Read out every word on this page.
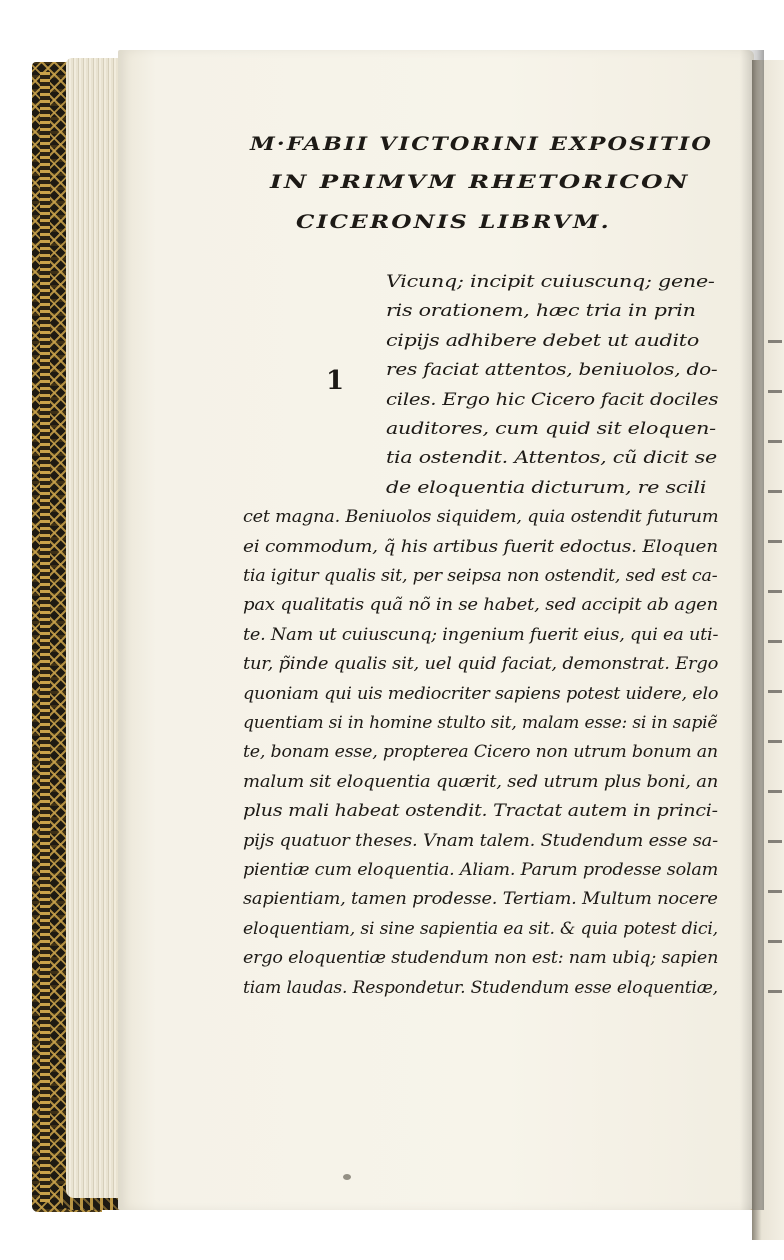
M·FABII VICTORINI EXPOSITIO
IN PRIMVM RHETORICON
CICERONIS LIBRVM.
1
Vicunq; incipit cuiuscunq; gene-
ris orationem, hæc tria in prin
cipijs adhibere debet ut audito
res faciat attentos, beniuolos, do-
ciles. Ergo hic Cicero facit dociles
auditores, cum quid sit eloquen-
tia ostendit. Attentos, cũ dicit se
de eloquentia dicturum, re scili
cet magna. Beniuolos siquidem, quia ostendit futurum
ei commodum, q̃ his artibus fuerit edoctus. Eloquen
tia igitur qualis sit, per seipsa non ostendit, sed est ca-
pax qualitatis quã nõ in se habet, sed accipit ab agen
te. Nam ut cuiuscunq; ingenium fuerit eius, qui ea uti-
tur, p̃inde qualis sit, uel quid faciat, demonstrat. Ergo
quoniam qui uis mediocriter sapiens potest uidere, elo
quentiam si in homine stulto sit, malam esse: si in sapiẽ
te, bonam esse, propterea Cicero non utrum bonum an
malum sit eloquentia quærit, sed utrum plus boni, an
plus mali habeat ostendit. Tractat autem in princi-
pijs quatuor theses. Vnam talem. Studendum esse sa-
pientiæ cum eloquentia. Aliam. Parum prodesse solam
sapientiam, tamen prodesse. Tertiam. Multum nocere
eloquentiam, si sine sapientia ea sit. & quia potest dici,
ergo eloquentiæ studendum non est: nam ubiq; sapien
tiam laudas. Respondetur. Studendum esse eloquentiæ,
